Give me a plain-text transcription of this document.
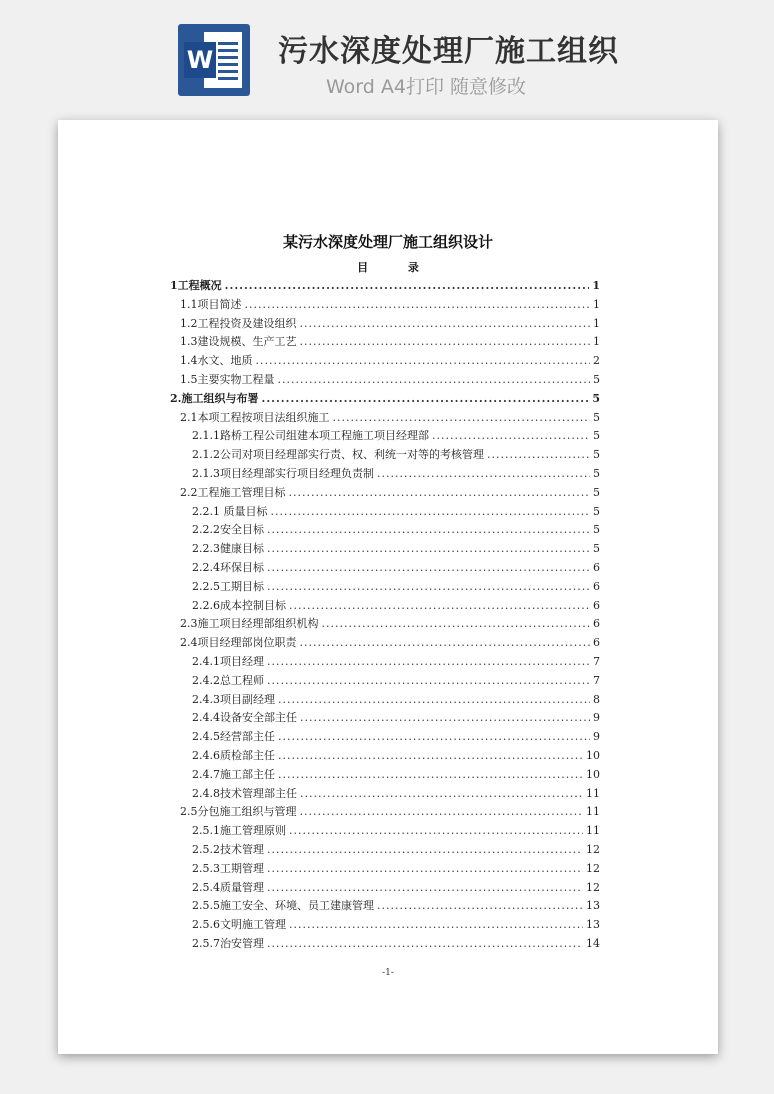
W 污水深度处理厂施工组织
Word A4打印 随意修改
某污水深度处理厂施工组织设计
目 录
1工程概况 .....	1
1.1项目简述 .....	1
1.2工程投资及建设组织 .....	1
1.3建设规模、生产工艺 .....	1
1.4水文、地质 .....	2
1.5主要实物工程量 .....	5
2.施工组织与布署 .....	5
2.1本项工程按项目法组织施工 .....	5
2.1.1路桥工程公司组建本项工程施工项目经理部 .....	5
2.1.2公司对项目经理部实行责、权、利统一对等的考核管理 .....	5
2.1.3项目经理部实行项目经理负责制 .....	5
2.2工程施工管理目标 .....	5
2.2.1 质量目标 .....	5
2.2.2安全目标 .....	5
2.2.3健康目标 .....	5
2.2.4环保目标 .....	6
2.2.5工期目标 .....	6
2.2.6成本控制目标 .....	6
2.3施工项目经理部组织机构 .....	6
2.4项目经理部岗位职责 .....	6
2.4.1项目经理 .....	7
2.4.2总工程师 .....	7
2.4.3项目副经理 .....	8
2.4.4设备安全部主任 .....	9
2.4.5经营部主任 .....	9
2.4.6质检部主任 .....	10
2.4.7施工部主任 .....	10
2.4.8技术管理部主任 .....	11
2.5分包施工组织与管理 .....	11
2.5.1施工管理原则 .....	11
2.5.2技术管理 .....	12
2.5.3工期管理 .....	12
2.5.4质量管理 .....	12
2.5.5施工安全、环境、员工建康管理 .....	13
2.5.6文明施工管理 .....	13
2.5.7治安管理 .....	14
-1-
